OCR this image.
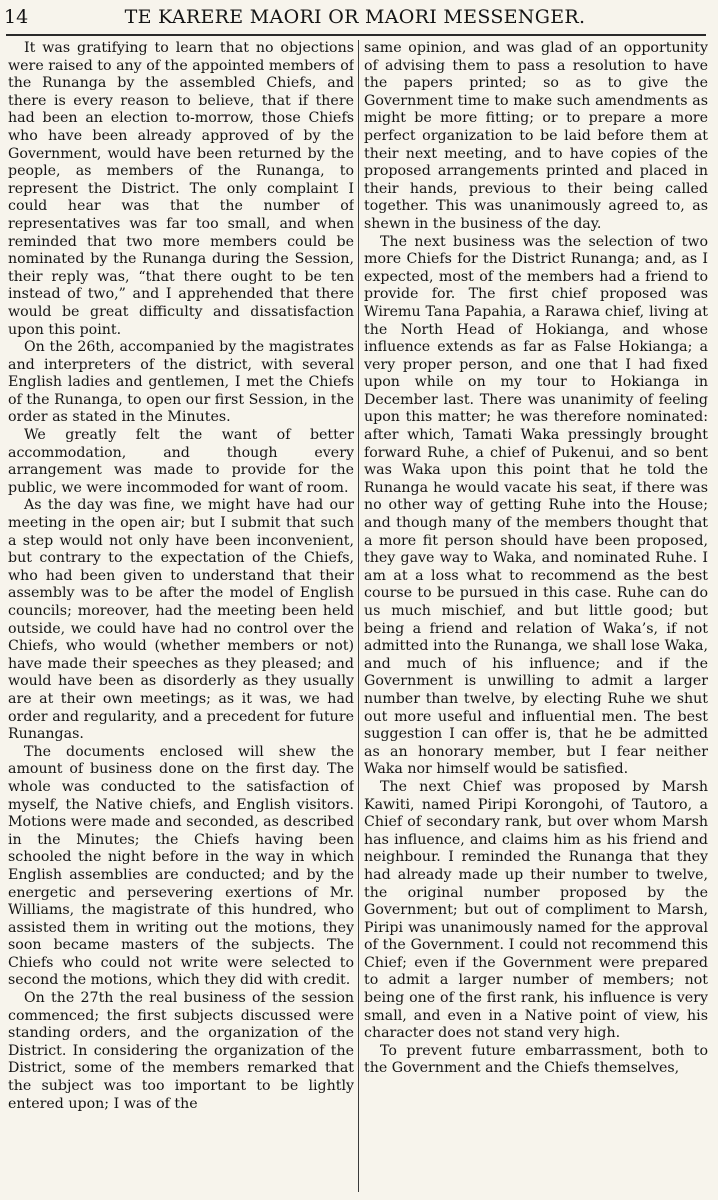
14	TE KARERE MAORI OR MAORI MESSENGER.

It was gratifying to learn that no objections were raised to any of the appointed members of the Runanga by the assembled Chiefs, and there is every reason to believe, that if there had been an election to-morrow, those Chiefs who have been already approved of by the Government, would have been returned by the people, as members of the Runanga, to represent the District. The only complaint I could hear was that the number of representatives was far too small, and when reminded that two more members could be nominated by the Runanga during the Session, their reply was, “that there ought to be ten instead of two,” and I apprehended that there would be great difficulty and dissatisfaction upon this point.

On the 26th, accompanied by the magistrates and interpreters of the district, with several English ladies and gentlemen, I met the Chiefs of the Runanga, to open our first Session, in the order as stated in the Minutes.

We greatly felt the want of better accommodation, and though every arrangement was made to provide for the public, we were incommoded for want of room.

As the day was fine, we might have had our meeting in the open air; but I submit that such a step would not only have been inconvenient, but contrary to the expectation of the Chiefs, who had been given to understand that their assembly was to be after the model of English councils; moreover, had the meeting been held outside, we could have had no control over the Chiefs, who would (whether members or not) have made their speeches as they pleased; and would have been as disorderly as they usually are at their own meetings; as it was, we had order and regularity, and a precedent for future Runangas.

The documents enclosed will shew the amount of business done on the first day. The whole was conducted to the satisfaction of myself, the Native chiefs, and English visitors. Motions were made and seconded, as described in the Minutes; the Chiefs having been schooled the night before in the way in which English assemblies are conducted; and by the energetic and persevering exertions of Mr. Williams, the magistrate of this hundred, who assisted them in writing out the motions, they soon became masters of the subjects. The Chiefs who could not write were selected to second the motions, which they did with credit.

On the 27th the real business of the session commenced; the first subjects discussed were standing orders, and the organization of the District. In considering the organization of the District, some of the members remarked that the subject was too important to be lightly entered upon; I was of the

same opinion, and was glad of an opportunity of advising them to pass a resolution to have the papers printed; so as to give the Government time to make such amendments as might be more fitting; or to prepare a more perfect organization to be laid before them at their next meeting, and to have copies of the proposed arrangements printed and placed in their hands, previous to their being called together. This was unanimously agreed to, as shewn in the business of the day.

The next business was the selection of two more Chiefs for the District Runanga; and, as I expected, most of the members had a friend to provide for. The first chief proposed was Wiremu Tana Papahia, a Rarawa chief, living at the North Head of Hokianga, and whose influence extends as far as False Hokianga; a very proper person, and one that I had fixed upon while on my tour to Hokianga in December last. There was unanimity of feeling upon this matter; he was therefore nominated: after which, Tamati Waka pressingly brought forward Ruhe, a chief of Pukenui, and so bent was Waka upon this point that he told the Runanga he would vacate his seat, if there was no other way of getting Ruhe into the House; and though many of the members thought that a more fit person should have been proposed, they gave way to Waka, and nominated Ruhe. I am at a loss what to recommend as the best course to be pursued in this case. Ruhe can do us much mischief, and but little good; but being a friend and relation of Waka’s, if not admitted into the Runanga, we shall lose Waka, and much of his influence; and if the Government is unwilling to admit a larger number than twelve, by electing Ruhe we shut out more useful and influential men. The best suggestion I can offer is, that he be admitted as an honorary member, but I fear neither Waka nor himself would be satisfied.

The next Chief was proposed by Marsh Kawiti, named Piripi Korongohi, of Tautoro, a Chief of secondary rank, but over whom Marsh has influence, and claims him as his friend and neighbour. I reminded the Runanga that they had already made up their number to twelve, the original number proposed by the Government; but out of compliment to Marsh, Piripi was unanimously named for the approval of the Government. I could not recommend this Chief; even if the Government were prepared to admit a larger number of members; not being one of the first rank, his influence is very small, and even in a Native point of view, his character does not stand very high.

To prevent future embarrassment, both to the Government and the Chiefs themselves,
